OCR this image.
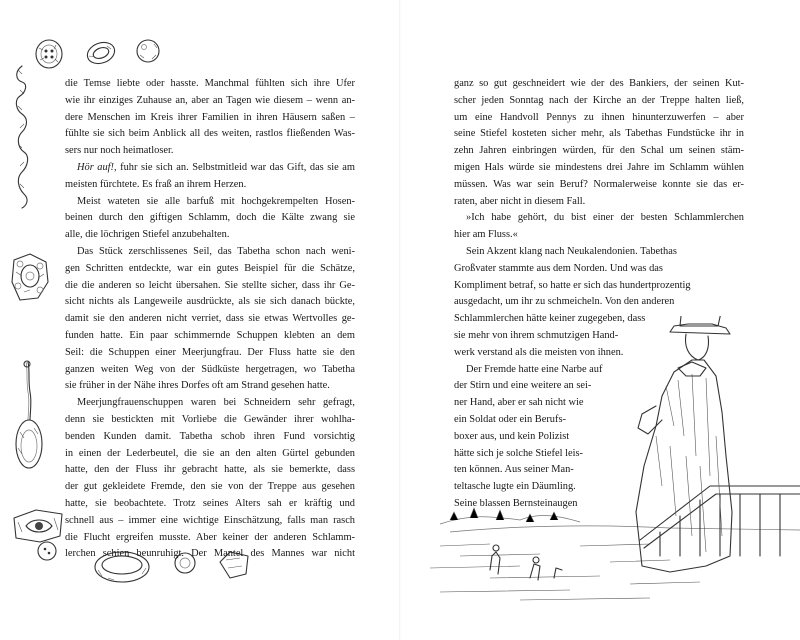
die Temse liebte oder hasste. Manchmal fühlten sich ihre Ufer
wie ihr einziges Zuhause an, aber an Tagen wie diesem – wenn an-
dere Menschen im Kreis ihrer Familien in ihren Häusern saßen –
fühlte sie sich beim Anblick all des weiten, rastlos fließenden Was-
sers nur noch heimatloser.
Hör auf!, fuhr sie sich an. Selbstmitleid war das Gift, das sie am
meisten fürchtete. Es fraß an ihrem Herzen.
Meist wateten sie alle barfuß mit hochgekrempelten Hosen-
beinen durch den giftigen Schlamm, doch die Kälte zwang sie
alle, die löchrigen Stiefel anzubehalten.
Das Stück zerschlissenes Seil, das Tabetha schon nach weni-
gen Schritten entdeckte, war ein gutes Beispiel für die Schätze,
die die anderen so leicht übersahen. Sie stellte sicher, dass ihr Ge-
sicht nichts als Langeweile ausdrückte, als sie sich danach bückte,
damit sie den anderen nicht verriet, dass sie etwas Wertvolles ge-
funden hatte. Ein paar schimmernde Schuppen klebten an dem
Seil: die Schuppen einer Meerjungfrau. Der Fluss hatte sie den
ganzen weiten Weg von der Südküste hergetragen, wo Tabetha
sie früher in der Nähe ihres Dorfes oft am Strand gesehen hatte.
Meerjungfrauenschuppen waren bei Schneidern sehr gefragt,
denn sie bestickten mit Vorliebe die Gewänder ihrer wohlha-
benden Kunden damit. Tabetha schob ihren Fund vorsichtig
in einen der Lederbeutel, die sie an den alten Gürtel gebunden
hatte, den der Fluss ihr gebracht hatte, als sie bemerkte, dass
der gut gekleidete Fremde, den sie von der Treppe aus gesehen
hatte, sie beobachtete. Trotz seines Alters sah er kräftig und
schnell aus – immer eine wichtige Einschätzung, falls man rasch
die Flucht ergreifen musste. Aber keiner der anderen Schlamm-
lerchen schien beunruhigt. Der Mantel des Mannes war nicht
ganz so gut geschneidert wie der des Bankiers, der seinen Kut-
scher jeden Sonntag nach der Kirche an der Treppe halten ließ,
um eine Handvoll Pennys zu ihnen hinunterzuwerfen – aber
seine Stiefel kosteten sicher mehr, als Tabethas Fundstücke ihr in
zehn Jahren einbringen würden, für den Schal um seinen stäm-
migen Hals würde sie mindestens drei Jahre im Schlamm wühlen
müssen. Was war sein Beruf? Normalerweise konnte sie das er-
raten, aber nicht in diesem Fall.
»Ich habe gehört, du bist einer der besten Schlammlerchen
hier am Fluss.«
Sein Akzent klang nach Neukalendonien. Tabethas
Großvater stammte aus dem Norden. Und was das
Kompliment betraf, so hatte er sich das hundertprozentig
ausgedacht, um ihr zu schmeicheln. Von den anderen
Schlammlerchen hätte keiner zugegeben, dass
sie mehr von ihrem schmutzigen Hand-
werk verstand als die meisten von ihnen.
Der Fremde hatte eine Narbe auf
der Stirn und eine weitere an sei-
ner Hand, aber er sah nicht wie
ein Soldat oder ein Berufs-
boxer aus, und kein Polizist
hätte sich je solche Stiefel leis-
ten können. Aus seiner Man-
teltasche lugte ein Däumling.
Seine blassen Bernsteinaugen
